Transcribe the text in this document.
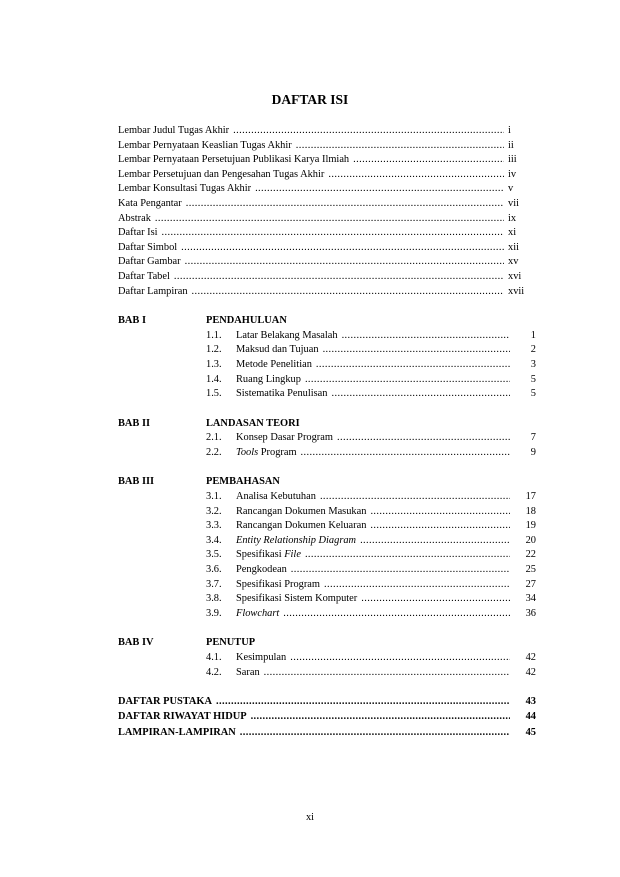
DAFTAR ISI
Lembar Judul Tugas Akhir .....	i
Lembar Pernyataan Keaslian Tugas Akhir .....	ii
Lembar Pernyataan Persetujuan Publikasi Karya Ilmiah .....	iii
Lembar Persetujuan dan Pengesahan Tugas Akhir .....	iv
Lembar Konsultasi Tugas Akhir .....	v
Kata Pengantar .....	vii
Abstrak .....	ix
Daftar Isi .....	xi
Daftar Simbol .....	xii
Daftar Gambar .....	xv
Daftar Tabel .....	xvi
Daftar Lampiran .....	xvii
BAB I	PENDAHULUAN
1.1.	Latar Belakang Masalah .....	1
1.2.	Maksud dan Tujuan .....	2
1.3.	Metode Penelitian .....	3
1.4.	Ruang Lingkup .....	5
1.5.	Sistematika Penulisan .....	5
BAB II	LANDASAN TEORI
2.1.	Konsep Dasar Program .....	7
2.2.	Tools Program .....	9
BAB III	PEMBAHASAN
3.1.	Analisa Kebutuhan .....	17
3.2.	Rancangan Dokumen Masukan .....	18
3.3.	Rancangan Dokumen Keluaran .....	19
3.4.	Entity Relationship Diagram .....	20
3.5.	Spesifikasi File .....	22
3.6.	Pengkodean .....	25
3.7.	Spesifikasi Program .....	27
3.8.	Spesifikasi Sistem Komputer .....	34
3.9.	Flowchart .....	36
BAB IV	PENUTUP
4.1.	Kesimpulan .....	42
4.2.	Saran .....	42
DAFTAR PUSTAKA .....	43
DAFTAR RIWAYAT HIDUP .....	44
LAMPIRAN-LAMPIRAN .....	45
xi
